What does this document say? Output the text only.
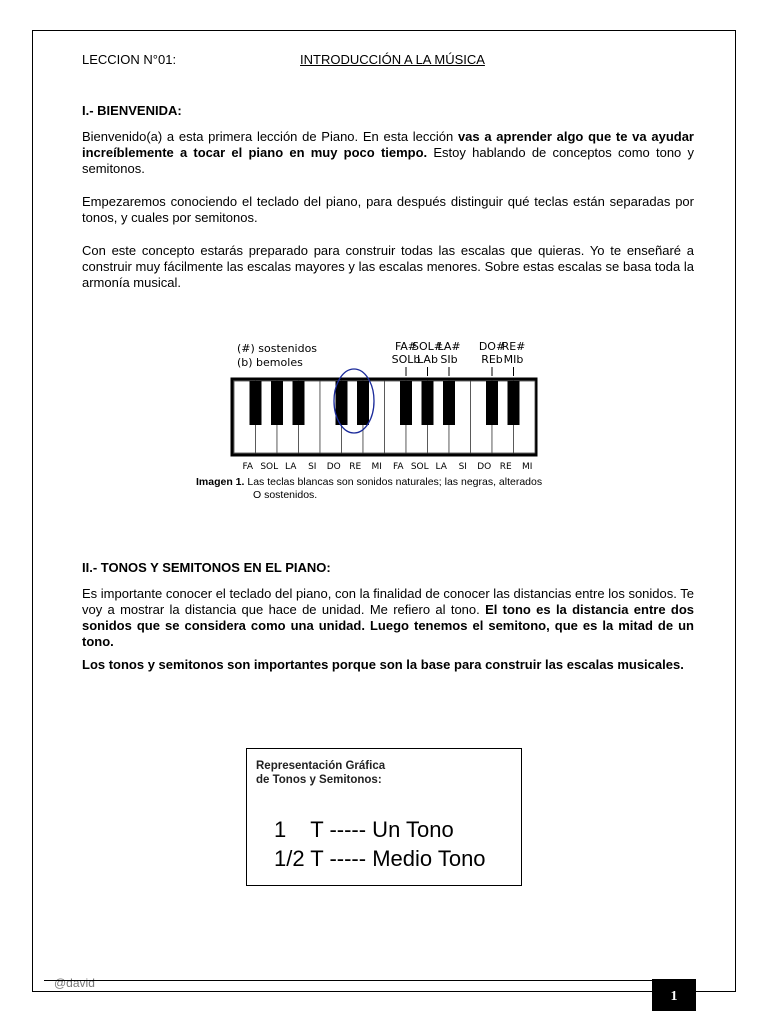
LECCION N°01:	INTRODUCCIÓN A LA MÚSICA
I.- BIENVENIDA:
Bienvenido(a) a esta primera lección de Piano. En esta lección vas a aprender algo que te va ayudar increíblemente a tocar el piano en muy poco tiempo. Estoy hablando de conceptos como tono y semitonos.
Empezaremos conociendo el teclado del piano, para después distinguir qué teclas están separadas por tonos, y cuales por semitonos.
Con este concepto estarás preparado para construir todas las escalas que quieras. Yo te enseñaré a construir muy fácilmente las escalas mayores y las escalas menores. Sobre estas escalas se basa toda la armonía musical.
(#) sostenidos
(b) bemoles
FA#
SOLb
SOL#
LAb
LA#
SIb
DO#
REb
RE#
MIb
FA SOL LA SI DO RE MI FA SOL LA SI DO RE MI
Imagen 1. Las teclas blancas son sonidos naturales; las negras, alterados
O sostenidos.
II.- TONOS Y SEMITONOS EN EL PIANO:
Es importante conocer el teclado del piano, con la finalidad de conocer las distancias entre los sonidos. Te voy a mostrar la distancia que hace de unidad. Me refiero al tono. El tono es la distancia entre dos sonidos que se considera como una unidad. Luego tenemos el semitono, que es la mitad de un tono.
Los tonos y semitonos son importantes porque son la base para construir las escalas musicales.
Representación Gráfica
de Tonos y Semitonos:
1    T ----- Un Tono
1/2 T ----- Medio Tono
@david
1
